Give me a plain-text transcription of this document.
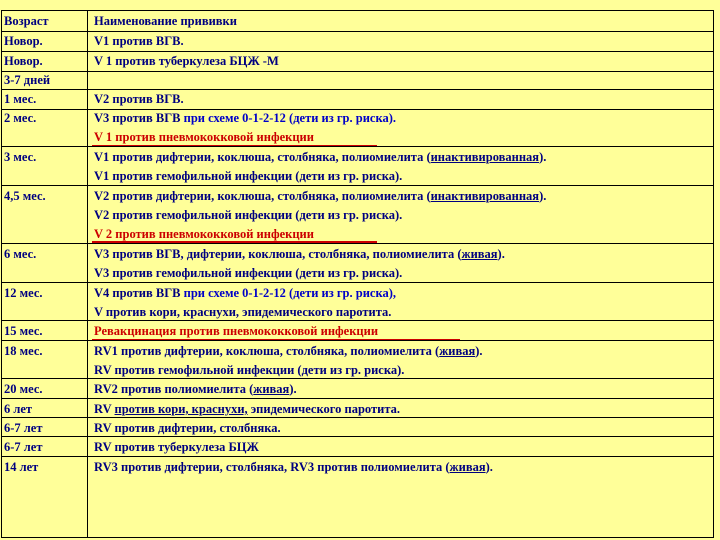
Возраст	Наименование прививки
Новор.	V1 против ВГВ.
Новор.	V 1 против туберкулеза БЦЖ -М
3-7 дней
1 мес.	V2 против ВГВ.
2 мес.	V3 против ВГВ при схеме 0-1-2-12 (дети из гр. риска).
V 1 против пневмококковой инфекции
3 мес.	V1 против дифтерии, коклюша, столбняка, полиомиелита (инактивированная).
V1 против гемофильной инфекции (дети из гр. риска).
4,5 мес.	V2 против дифтерии, коклюша, столбняка, полиомиелита (инактивированная).
V2 против гемофильной инфекции (дети из гр. риска).
V 2 против пневмококковой инфекции
6 мес.	V3 против ВГВ, дифтерии, коклюша, столбняка, полиомиелита (живая).
V3 против гемофильной инфекции (дети из гр. риска).
12 мес.	V4 против ВГВ при схеме 0-1-2-12 (дети из гр. риска),
V против кори, краснухи, эпидемического паротита.
15 мес.	Ревакцинация против пневмококковой инфекции
18 мес.	RV1 против дифтерии, коклюша, столбняка, полиомиелита (живая).
RV против гемофильной инфекции (дети из гр. риска).
20 мес.	RV2 против полиомиелита (живая).
6 лет	RV против кори, краснухи, эпидемического паротита.
6-7 лет	RV против дифтерии, столбняка.
6-7 лет	RV против туберкулеза БЦЖ
14 лет	RV3 против дифтерии, столбняка, RV3 против полиомиелита (живая).
